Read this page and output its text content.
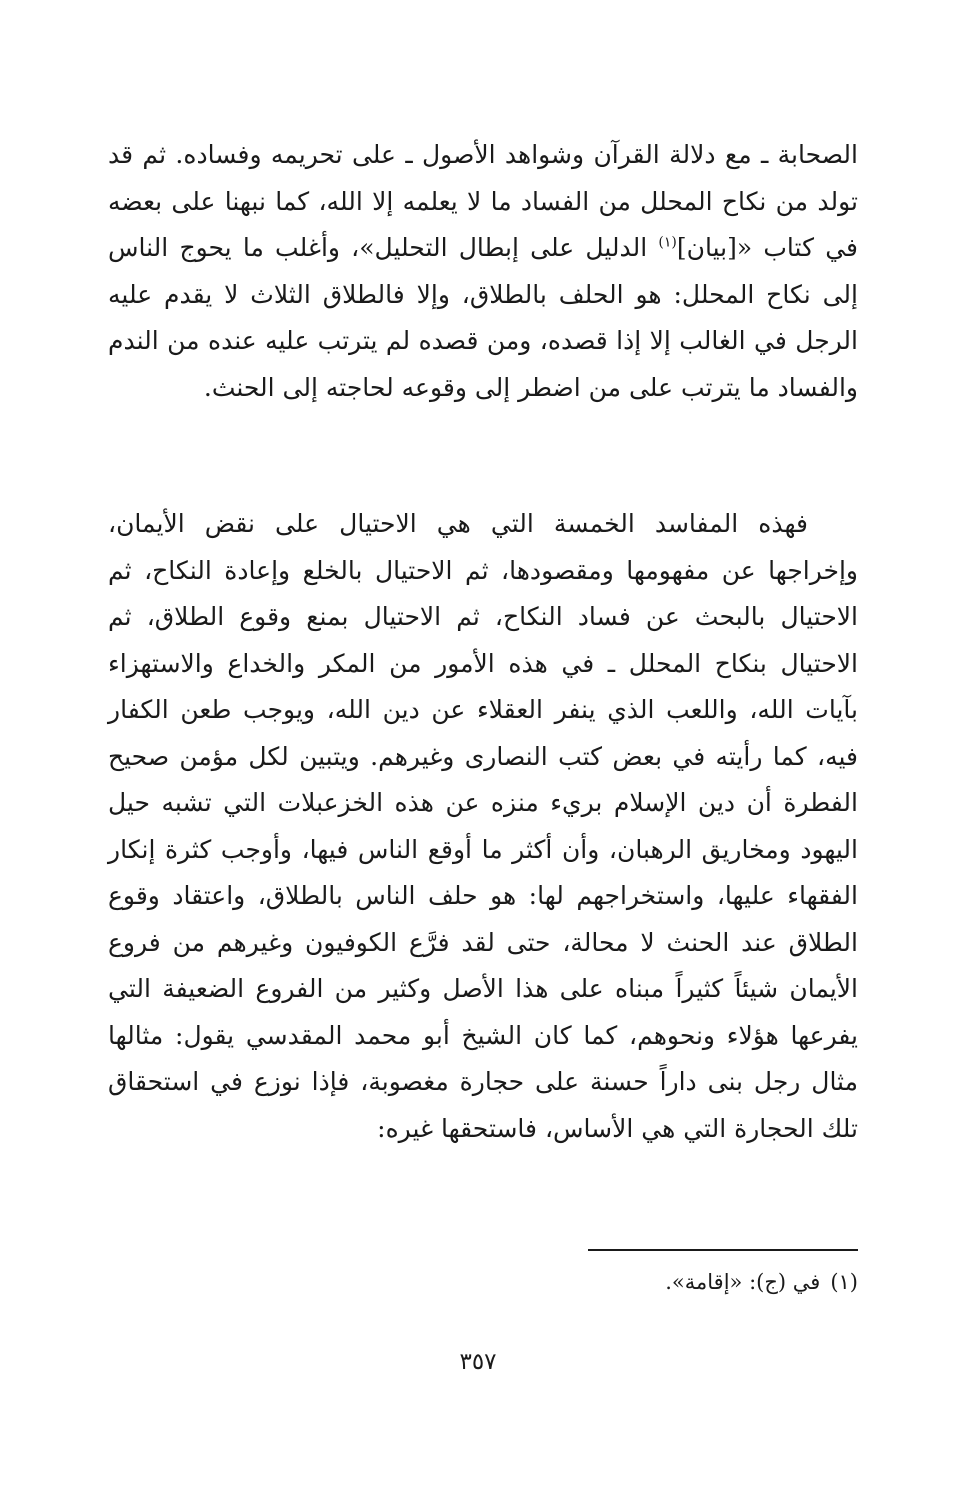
الصحابة ـ مع دلالة القرآن وشواهد الأصول ـ على تحريمه وفساده. ثم قد تولد من نكاح المحلل من الفساد ما لا يعلمه إلا الله، كما نبهنا على بعضه في كتاب «[بيان]$^{(١)}$ الدليل على إبطال التحليل»، وأغلب ما يحوج الناس إلى نكاح المحلل: هو الحلف بالطلاق، وإلا فالطلاق الثلاث لا يقدم عليه الرجل في الغالب إلا إذا قصده، ومن قصده لم يترتب عليه عنده من الندم والفساد ما يترتب على من اضطر إلى وقوعه لحاجته إلى الحنث.

فهذه المفاسد الخمسة التي هي الاحتيال على نقض الأيمان، وإخراجها عن مفهومها ومقصودها، ثم الاحتيال بالخلع وإعادة النكاح، ثم الاحتيال بالبحث عن فساد النكاح، ثم الاحتيال بمنع وقوع الطلاق، ثم الاحتيال بنكاح المحلل ـ في هذه الأمور من المكر والخداع والاستهزاء بآيات الله، واللعب الذي ينفر العقلاء عن دين الله، ويوجب طعن الكفار فيه، كما رأيته في بعض كتب النصارى وغيرهم. ويتبين لكل مؤمن صحيح الفطرة أن دين الإسلام بريء منزه عن هذه الخزعبلات التي تشبه حيل اليهود ومخاريق الرهبان، وأن أكثر ما أوقع الناس فيها، وأوجب كثرة إنكار الفقهاء عليها، واستخراجهم لها: هو حلف الناس بالطلاق، واعتقاد وقوع الطلاق عند الحنث لا محالة، حتى لقد فرَّع الكوفيون وغيرهم من فروع الأيمان شيئاً كثيراً مبناه على هذا الأصل وكثير من الفروع الضعيفة التي يفرعها هؤلاء ونحوهم، كما كان الشيخ أبو محمد المقدسي يقول: مثالها مثال رجل بنى داراً حسنة على حجارة مغصوبة، فإذا نوزع في استحقاق تلك الحجارة التي هي الأساس، فاستحقها غيره:

(١)في (ج): «إقامة».
٣٥٧
